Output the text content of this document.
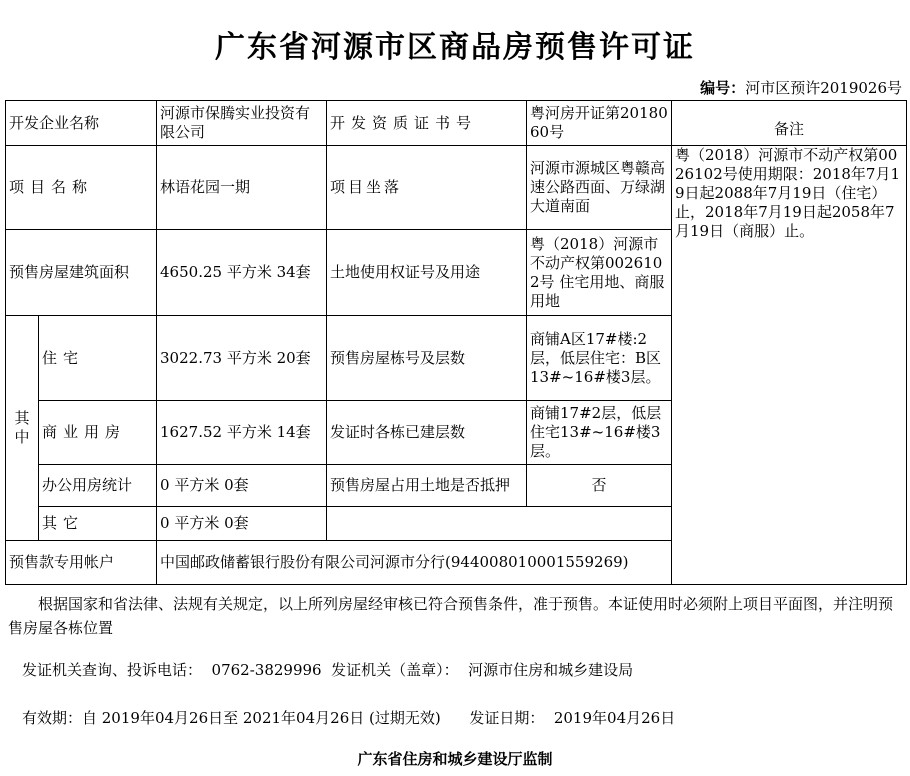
广东省河源市区商品房预售许可证
编号：河市区预许2019026号
开发企业名称		河源市保腾实业投资有限公司	开发资质证书号	粤河房开证第2018060号	备注	
项目名称		林语花园一期	项目坐落	河源市源城区粤赣高速公路西面、万绿湖大道南面	粤（2018）河源市不动产权第0026102号使用期限：2018年7月19日起2088年7月19日（住宅）止，2018年7月19日起2058年7月19日（商服）止。	
预售房屋建筑面积		4650.25 平方米 34套	土地使用权证号及用途	粤（2018）河源市不动产权第0026102号 住宅用地、商服用地		
其中	住宅	3022.73 平方米 20套	预售房屋栋号及层数	商铺A区17#楼:2层，低层住宅：B区13#~16#楼3层。		
	商业用房	1627.52 平方米 14套	发证时各栋已建层数	商铺17#2层，低层住宅13#~16#楼3层。		
	办公用房统计	0 平方米 0套	预售房屋占用土地是否抵押	否		
	其它	0 平方米 0套				
预售款专用帐户		中国邮政储蓄银行股份有限公司河源市分行(944008010001559269)				
根据国家和省法律、法规有关规定，以上所列房屋经审核已符合预售条件，准于预售。本证使用时必须附上项目平面图，并注明预售房屋各栋位置
发证机关查询、投诉电话：  0762-3829996  发证机关（盖章）：  河源市住房和城乡建设局
有效期：自 2019年04月26日至 2021年04月26日 (过期无效)      发证日期：  2019年04月26日
广东省住房和城乡建设厅监制
